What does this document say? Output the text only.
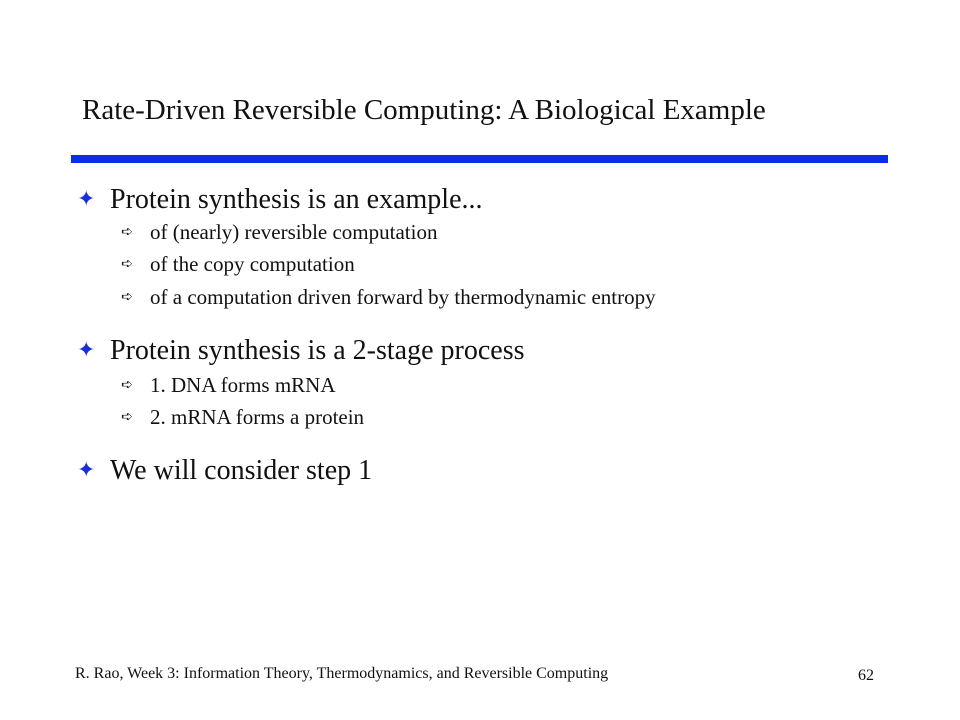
Rate-Driven Reversible Computing: A Biological Example
✦ Protein synthesis is an example...
➪ of (nearly) reversible computation
➪ of the copy computation
➪ of a computation driven forward by thermodynamic entropy
✦ Protein synthesis is a 2-stage process
➪ 1. DNA forms mRNA
➪ 2. mRNA forms a protein
✦ We will consider step 1
R. Rao, Week 3: Information Theory, Thermodynamics, and Reversible Computing	62
